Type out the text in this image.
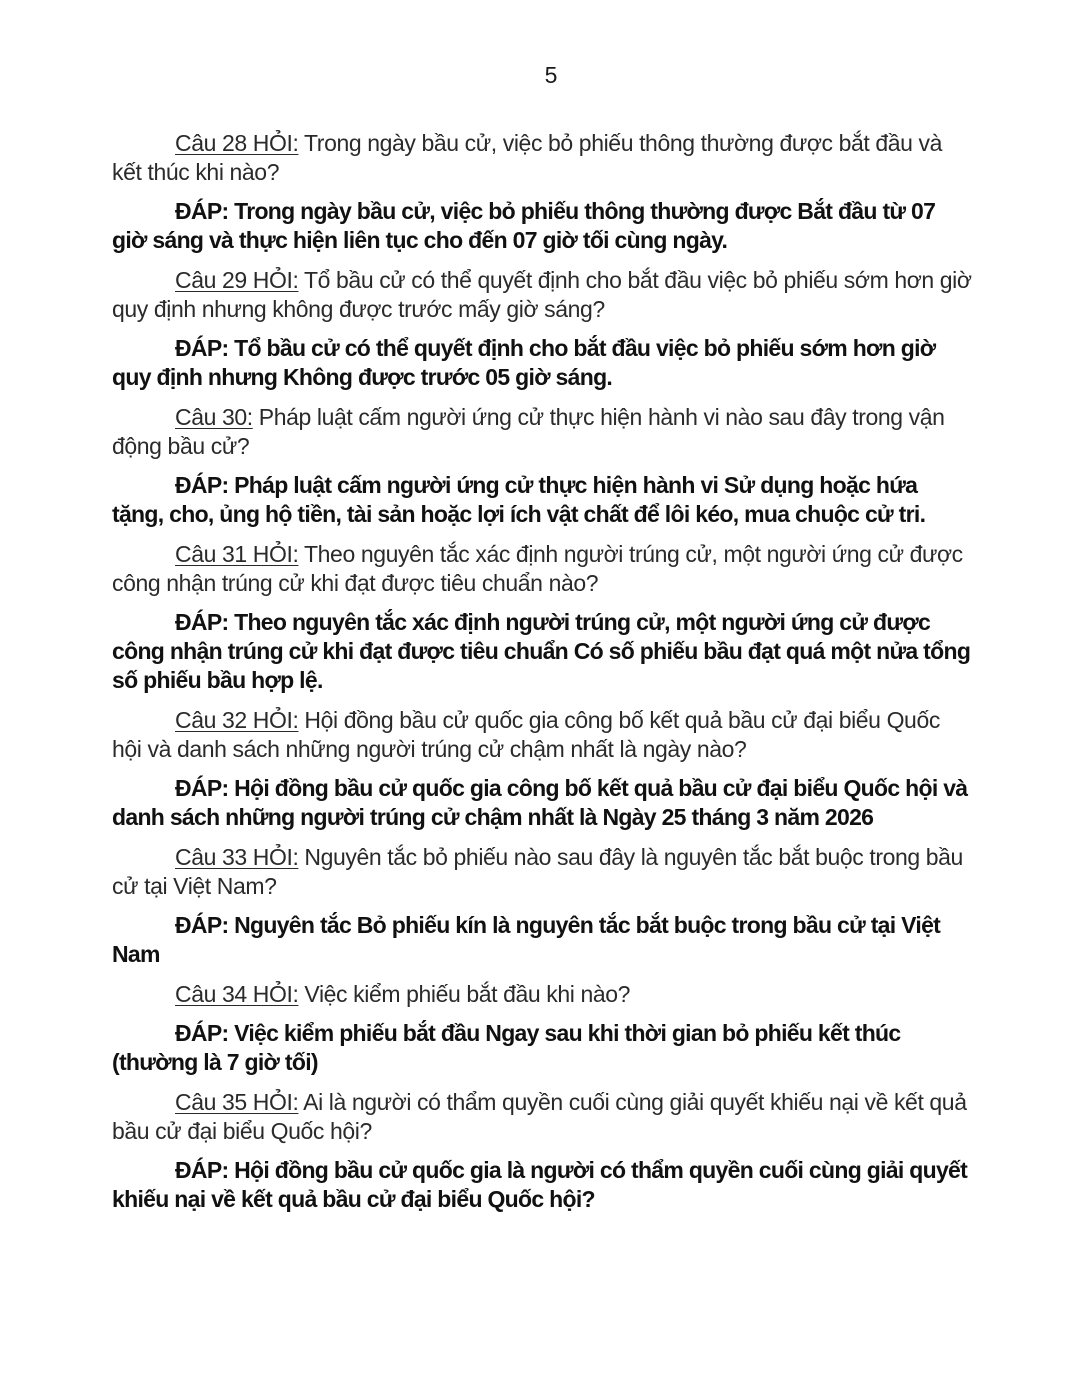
5

Câu 28 HỎI: Trong ngày bầu cử, việc bỏ phiếu thông thường được bắt đầu và kết thúc khi nào?

ĐÁP: Trong ngày bầu cử, việc bỏ phiếu thông thường được Bắt đầu từ 07 giờ sáng và thực hiện liên tục cho đến 07 giờ tối cùng ngày.

Câu 29 HỎI: Tổ bầu cử có thể quyết định cho bắt đầu việc bỏ phiếu sớm hơn giờ quy định nhưng không được trước mấy giờ sáng?

ĐÁP: Tổ bầu cử có thể quyết định cho bắt đầu việc bỏ phiếu sớm hơn giờ quy định nhưng Không được trước 05 giờ sáng.

Câu 30: Pháp luật cấm người ứng cử thực hiện hành vi nào sau đây trong vận động bầu cử?

ĐÁP: Pháp luật cấm người ứng cử thực hiện hành vi Sử dụng hoặc hứa tặng, cho, ủng hộ tiền, tài sản hoặc lợi ích vật chất để lôi kéo, mua chuộc cử tri.

Câu 31 HỎI: Theo nguyên tắc xác định người trúng cử, một người ứng cử được công nhận trúng cử khi đạt được tiêu chuẩn nào?

ĐÁP: Theo nguyên tắc xác định người trúng cử, một người ứng cử được công nhận trúng cử khi đạt được tiêu chuẩn Có số phiếu bầu đạt quá một nửa tổng số phiếu bầu hợp lệ.

Câu 32 HỎI: Hội đồng bầu cử quốc gia công bố kết quả bầu cử đại biểu Quốc hội và danh sách những người trúng cử chậm nhất là ngày nào?

ĐÁP: Hội đồng bầu cử quốc gia công bố kết quả bầu cử đại biểu Quốc hội và danh sách những người trúng cử chậm nhất là Ngày 25 tháng 3 năm 2026

Câu 33 HỎI: Nguyên tắc bỏ phiếu nào sau đây là nguyên tắc bắt buộc trong bầu cử tại Việt Nam?

ĐÁP: Nguyên tắc Bỏ phiếu kín là nguyên tắc bắt buộc trong bầu cử tại Việt Nam

Câu 34 HỎI: Việc kiểm phiếu bắt đầu khi nào?

ĐÁP: Việc kiểm phiếu bắt đầu Ngay sau khi thời gian bỏ phiếu kết thúc (thường là 7 giờ tối)

Câu 35 HỎI: Ai là người có thẩm quyền cuối cùng giải quyết khiếu nại về kết quả bầu cử đại biểu Quốc hội?

ĐÁP: Hội đồng bầu cử quốc gia là người có thẩm quyền cuối cùng giải quyết khiếu nại về kết quả bầu cử đại biểu Quốc hội?
